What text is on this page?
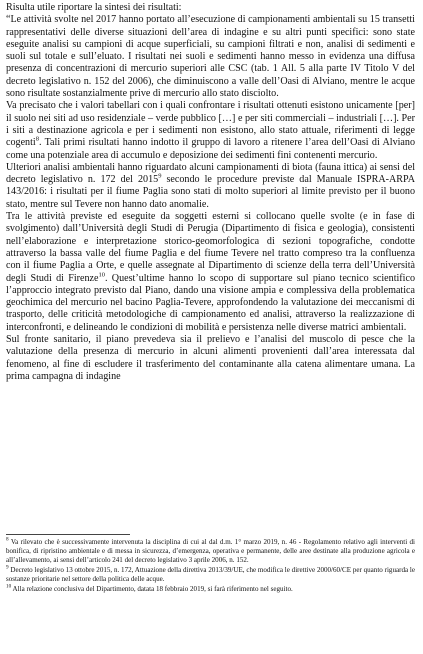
Risulta utile riportare la sintesi dei risultati:

“Le attività svolte nel 2017 hanno portato all’esecuzione di campionamenti ambientali su 15 transetti rappresentativi delle diverse situazioni dell’area di indagine e su altri punti specifici: sono state eseguite analisi su campioni di acque superficiali, su campioni filtrati e non, analisi di sedimenti e suoli sul totale e sull’eluato. I risultati nei suoli e sedimenti hanno messo in evidenza una diffusa presenza di concentrazioni di mercurio superiori alle CSC (tab. 1 All. 5 alla parte IV Titolo V del decreto legislativo n. 152 del 2006), che diminuiscono a valle dell’Oasi di Alviano, mentre le acque sono risultate sostanzialmente prive di mercurio allo stato disciolto.

Va precisato che i valori tabellari con i quali confrontare i risultati ottenuti esistono unicamente [per] il suolo nei siti ad uso residenziale – verde pubblico […] e per siti commerciali – industriali […]. Per i siti a destinazione agricola e per i sedimenti non esistono, allo stato attuale, riferimenti di legge cogenti$^8$. Tali primi risultati hanno indotto il gruppo di lavoro a ritenere l’area dell’Oasi di Alviano come una potenziale area di accumulo e deposizione dei sedimenti fini contenenti mercurio.

Ulteriori analisi ambientali hanno riguardato alcuni campionamenti di biota (fauna ittica) ai sensi del decreto legislativo n. 172 del 2015$^9$ secondo le procedure previste dal Manuale ISPRA-ARPA 143/2016: i risultati per il fiume Paglia sono stati di molto superiori al limite previsto per il buono stato, mentre sul Tevere non hanno dato anomalie.

Tra le attività previste ed eseguite da soggetti esterni si collocano quelle svolte (e in fase di svolgimento) dall’Università degli Studi di Perugia (Dipartimento di fisica e geologia), consistenti nell’elaborazione e interpretazione storico-geomorfologica di sezioni topografiche, condotte attraverso la bassa valle del fiume Paglia e del fiume Tevere nel tratto compreso tra la confluenza con il fiume Paglia a Orte, e quelle assegnate al Dipartimento di scienze della terra dell’Università degli Studi di Firenze$^{10}$. Quest’ultime hanno lo scopo di supportare sul piano tecnico scientifico l’approccio integrato previsto dal Piano, dando una visione ampia e complessiva della problematica geochimica del mercurio nel bacino Paglia-Tevere, approfondendo la valutazione dei meccanismi di trasporto, delle criticità metodologiche di campionamento ed analisi, attraverso la realizzazione di interconfronti, e delineando le condizioni di mobilità e persistenza nelle diverse matrici ambientali.

Sul fronte sanitario, il piano prevedeva sia il prelievo e l’analisi del muscolo di pesce che la valutazione della presenza di mercurio in alcuni alimenti provenienti dall’area interessata dal fenomeno, al fine di escludere il trasferimento del contaminante alla catena alimentare umana. La prima campagna di indagine

$^8$ Va rilevato che è successivamente intervenuta la disciplina di cui al dal d.m. 1° marzo 2019, n. 46 - Regolamento relativo agli interventi di bonifica, di ripristino ambientale e di messa in sicurezza, d’emergenza, operativa e permanente, delle aree destinate alla produzione agricola e all’allevamento, ai sensi dell’articolo 241 del decreto legislativo 3 aprile 2006, n. 152.

$^9$ Decreto legislativo 13 ottobre 2015, n. 172, Attuazione della direttiva 2013/39/UE, che modifica le direttive 2000/60/CE per quanto riguarda le sostanze prioritarie nel settore della politica delle acque.

$^{10}$ Alla relazione conclusiva del Dipartimento, datata 18 febbraio 2019, si farà riferimento nel seguito.
